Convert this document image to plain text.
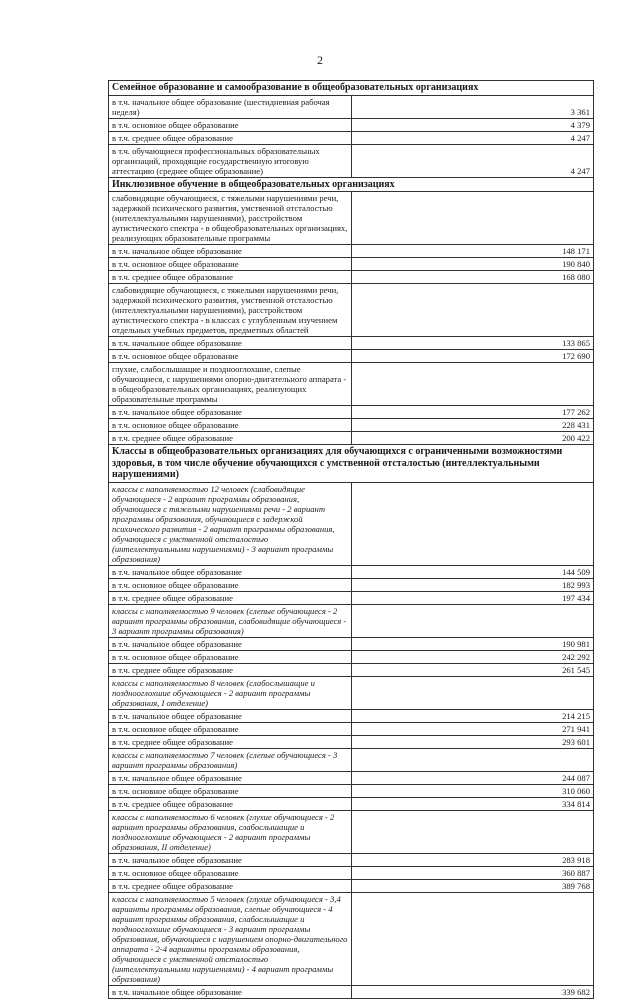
2
Семейное образование и самообразование в общеобразовательных организациях	
в т.ч. начальное общее образование (шестидневная рабочая неделя)	3 361
в т.ч. основное общее образование	4 379
в т.ч. среднее общее образование	4 247
в т.ч. обучающиеся профессиональных образовательных организаций, проходящие государственную итоговую аттестацию (среднее общее образование)	4 247
Инклюзивное обучение в общеобразовательных организациях	
слабовидящие обучающиеся, с тяжелыми нарушениями речи, задержкой психического развития, умственной отсталостью (интеллектуальными нарушениями), расстройством аутистического спектра - в общеобразовательных организациях, реализующих образовательные программы	
в т.ч. начальное общее образование	148 171
в т.ч. основное общее образование	190 840
в т.ч. среднее общее образование	168 080
слабовидящие обучающиеся, с тяжелыми нарушениями речи, задержкой психического развития, умственной отсталостью (интеллектуальными нарушениями), расстройством аутистического спектра - в классах с углубленным изучением отдельных учебных предметов, предметных областей	
в т.ч. начальное общее образование	133 865
в т.ч. основное общее образование	172 690
глухие, слабослышащие и позднооглохшие, слепые обучающиеся, с нарушениями опорно-двигательного аппарата - в общеобразовательных организациях, реализующих образовательные программы	
в т.ч. начальное общее образование	177 262
в т.ч. основное общее образование	228 431
в т.ч. среднее общее образование	200 422
Классы в общеобразовательных организациях для обучающихся с ограниченными возможностями здоровья, в том числе обучение обучающихся с умственной отсталостью (интеллектуальными нарушениями)	
классы с наполняемостью 12 человек (слабовидящие обучающиеся - 2 вариант программы образования, обучающиеся с тяжелыми нарушениями речи - 2 вариант программы образования, обучающиеся с задержкой психического развития - 2 вариант программы образования, обучающиеся с умственной отсталостью (интеллектуальными нарушениями) - 3 вариант программы образования)	
в т.ч. начальное общее образование	144 509
в т.ч. основное общее образование	182 993
в т.ч. среднее общее образование	197 434
классы с наполняемостью 9 человек (слепые обучающиеся - 2 вариант программы образования, слабовидящие обучающиеся - 3 вариант программы образования)	
в т.ч. начальное общее образование	190 981
в т.ч. основное общее образование	242 292
в т.ч. среднее общее образование	261 545
классы с наполняемостью 8 человек (слабослышащие и позднооглохшие обучающиеся - 2 вариант программы образования, I отделение)	
в т.ч. начальное общее образование	214 215
в т.ч. основное общее образование	271 941
в т.ч. среднее общее образование	293 601
классы с наполняемостью 7 человек (слепые обучающиеся - 3 вариант программы образования)	
в т.ч. начальное общее образование	244 087
в т.ч. основное общее образование	310 060
в т.ч. среднее общее образование	334 814
классы с наполняемостью 6 человек (глухие обучающиеся - 2 вариант программы образования, слабослышащие и позднооглохшие обучающиеся - 2 вариант программы образования, II отделение)	
в т.ч. начальное общее образование	283 918
в т.ч. основное общее образование	360 887
в т.ч. среднее общее образование	389 768
классы с наполняемостью 5 человек (глухие обучающиеся - 3,4 варианты программы образования, слепые обучающиеся - 4 вариант программы образования, слабослышащие и позднооглохшие обучающиеся - 3 вариант программы образования, обучающиеся с нарушением опорно-двигательного аппарата - 2-4 варианты программы образования, обучающиеся с умственной отсталостью (интеллектуальными нарушениями) - 4 вариант программы образования)	
в т.ч. начальное общее образование	339 682
